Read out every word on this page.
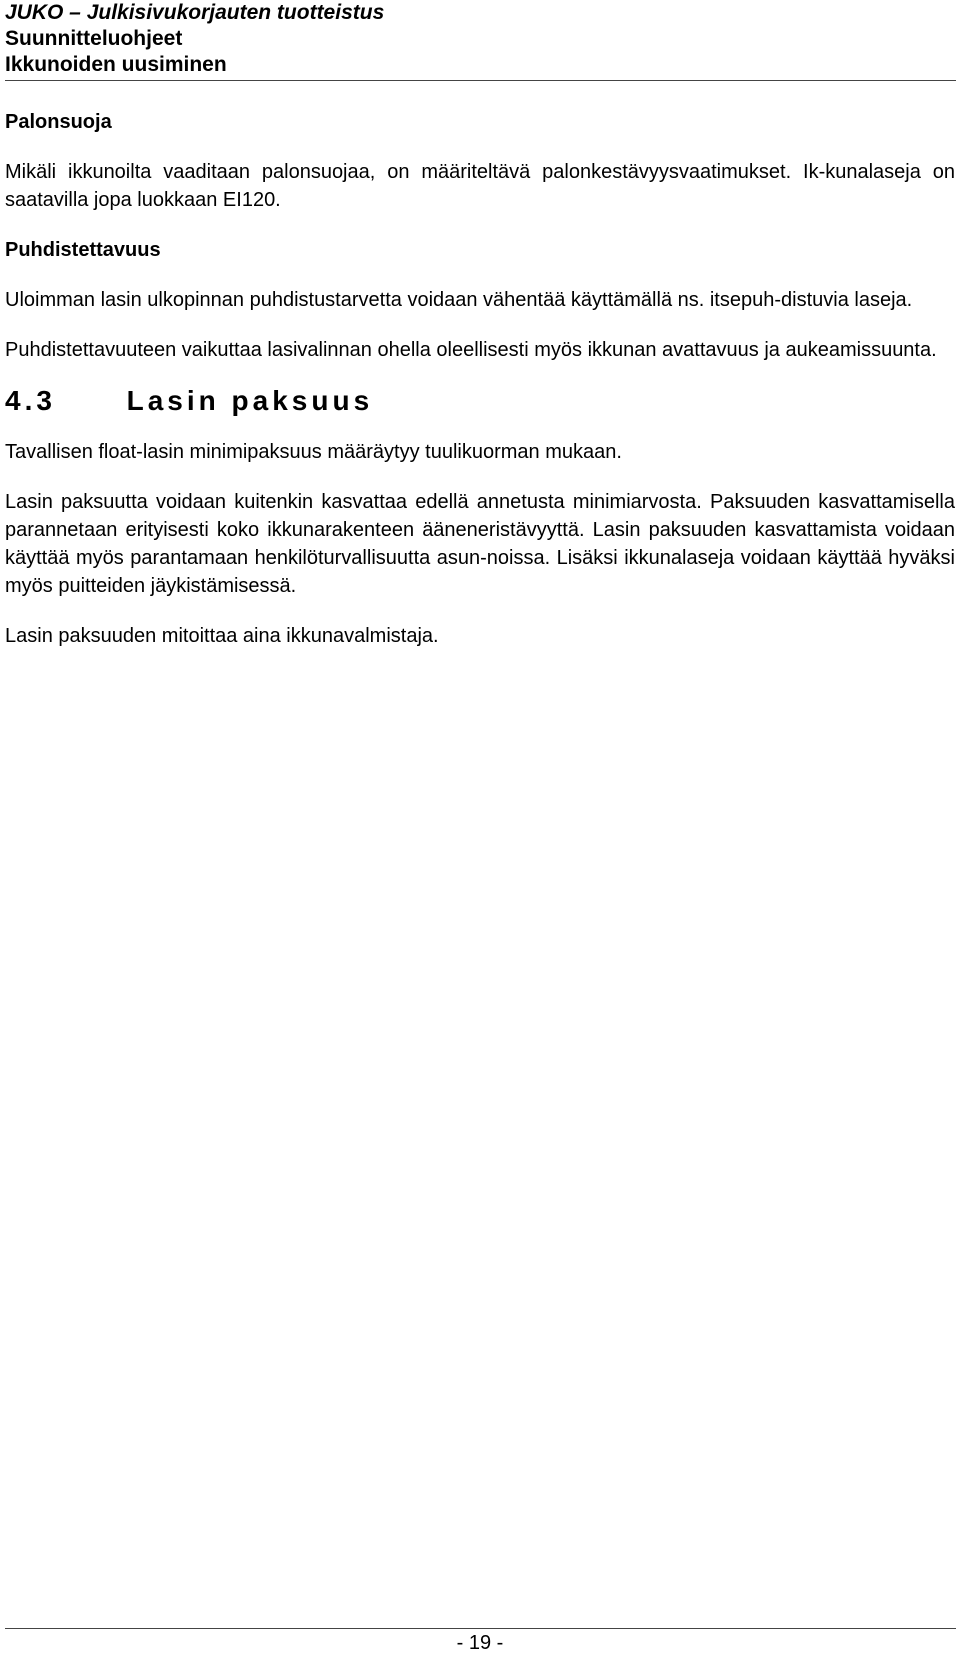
JUKO – Julkisivukorjauten tuotteistus

Suunnitteluohjeet

Ikkunoiden uusiminen

Palonsuoja

Mikäli ikkunoilta vaaditaan palonsuojaa, on määriteltävä palonkestävyysvaatimukset. Ik-kunalaseja on saatavilla jopa luokkaan EI120.

Puhdistettavuus

Uloimman lasin ulkopinnan puhdistustarvetta voidaan vähentää käyttämällä ns. itsepuh-distuvia laseja.

Puhdistettavuuteen vaikuttaa lasivalinnan ohella oleellisesti myös ikkunan avattavuus ja aukeamissuunta.

4.3	Lasin paksuus

Tavallisen float-lasin minimipaksuus määräytyy tuulikuorman mukaan.

Lasin paksuutta voidaan kuitenkin kasvattaa edellä annetusta minimiarvosta. Paksuuden kasvattamisella parannetaan erityisesti koko ikkunarakenteen ääneneristävyyttä. Lasin paksuuden kasvattamista voidaan käyttää myös parantamaan henkilöturvallisuutta asun-noissa. Lisäksi ikkunalaseja voidaan käyttää hyväksi myös puitteiden jäykistämisessä.

Lasin paksuuden mitoittaa aina ikkunavalmistaja.

- 19 -
